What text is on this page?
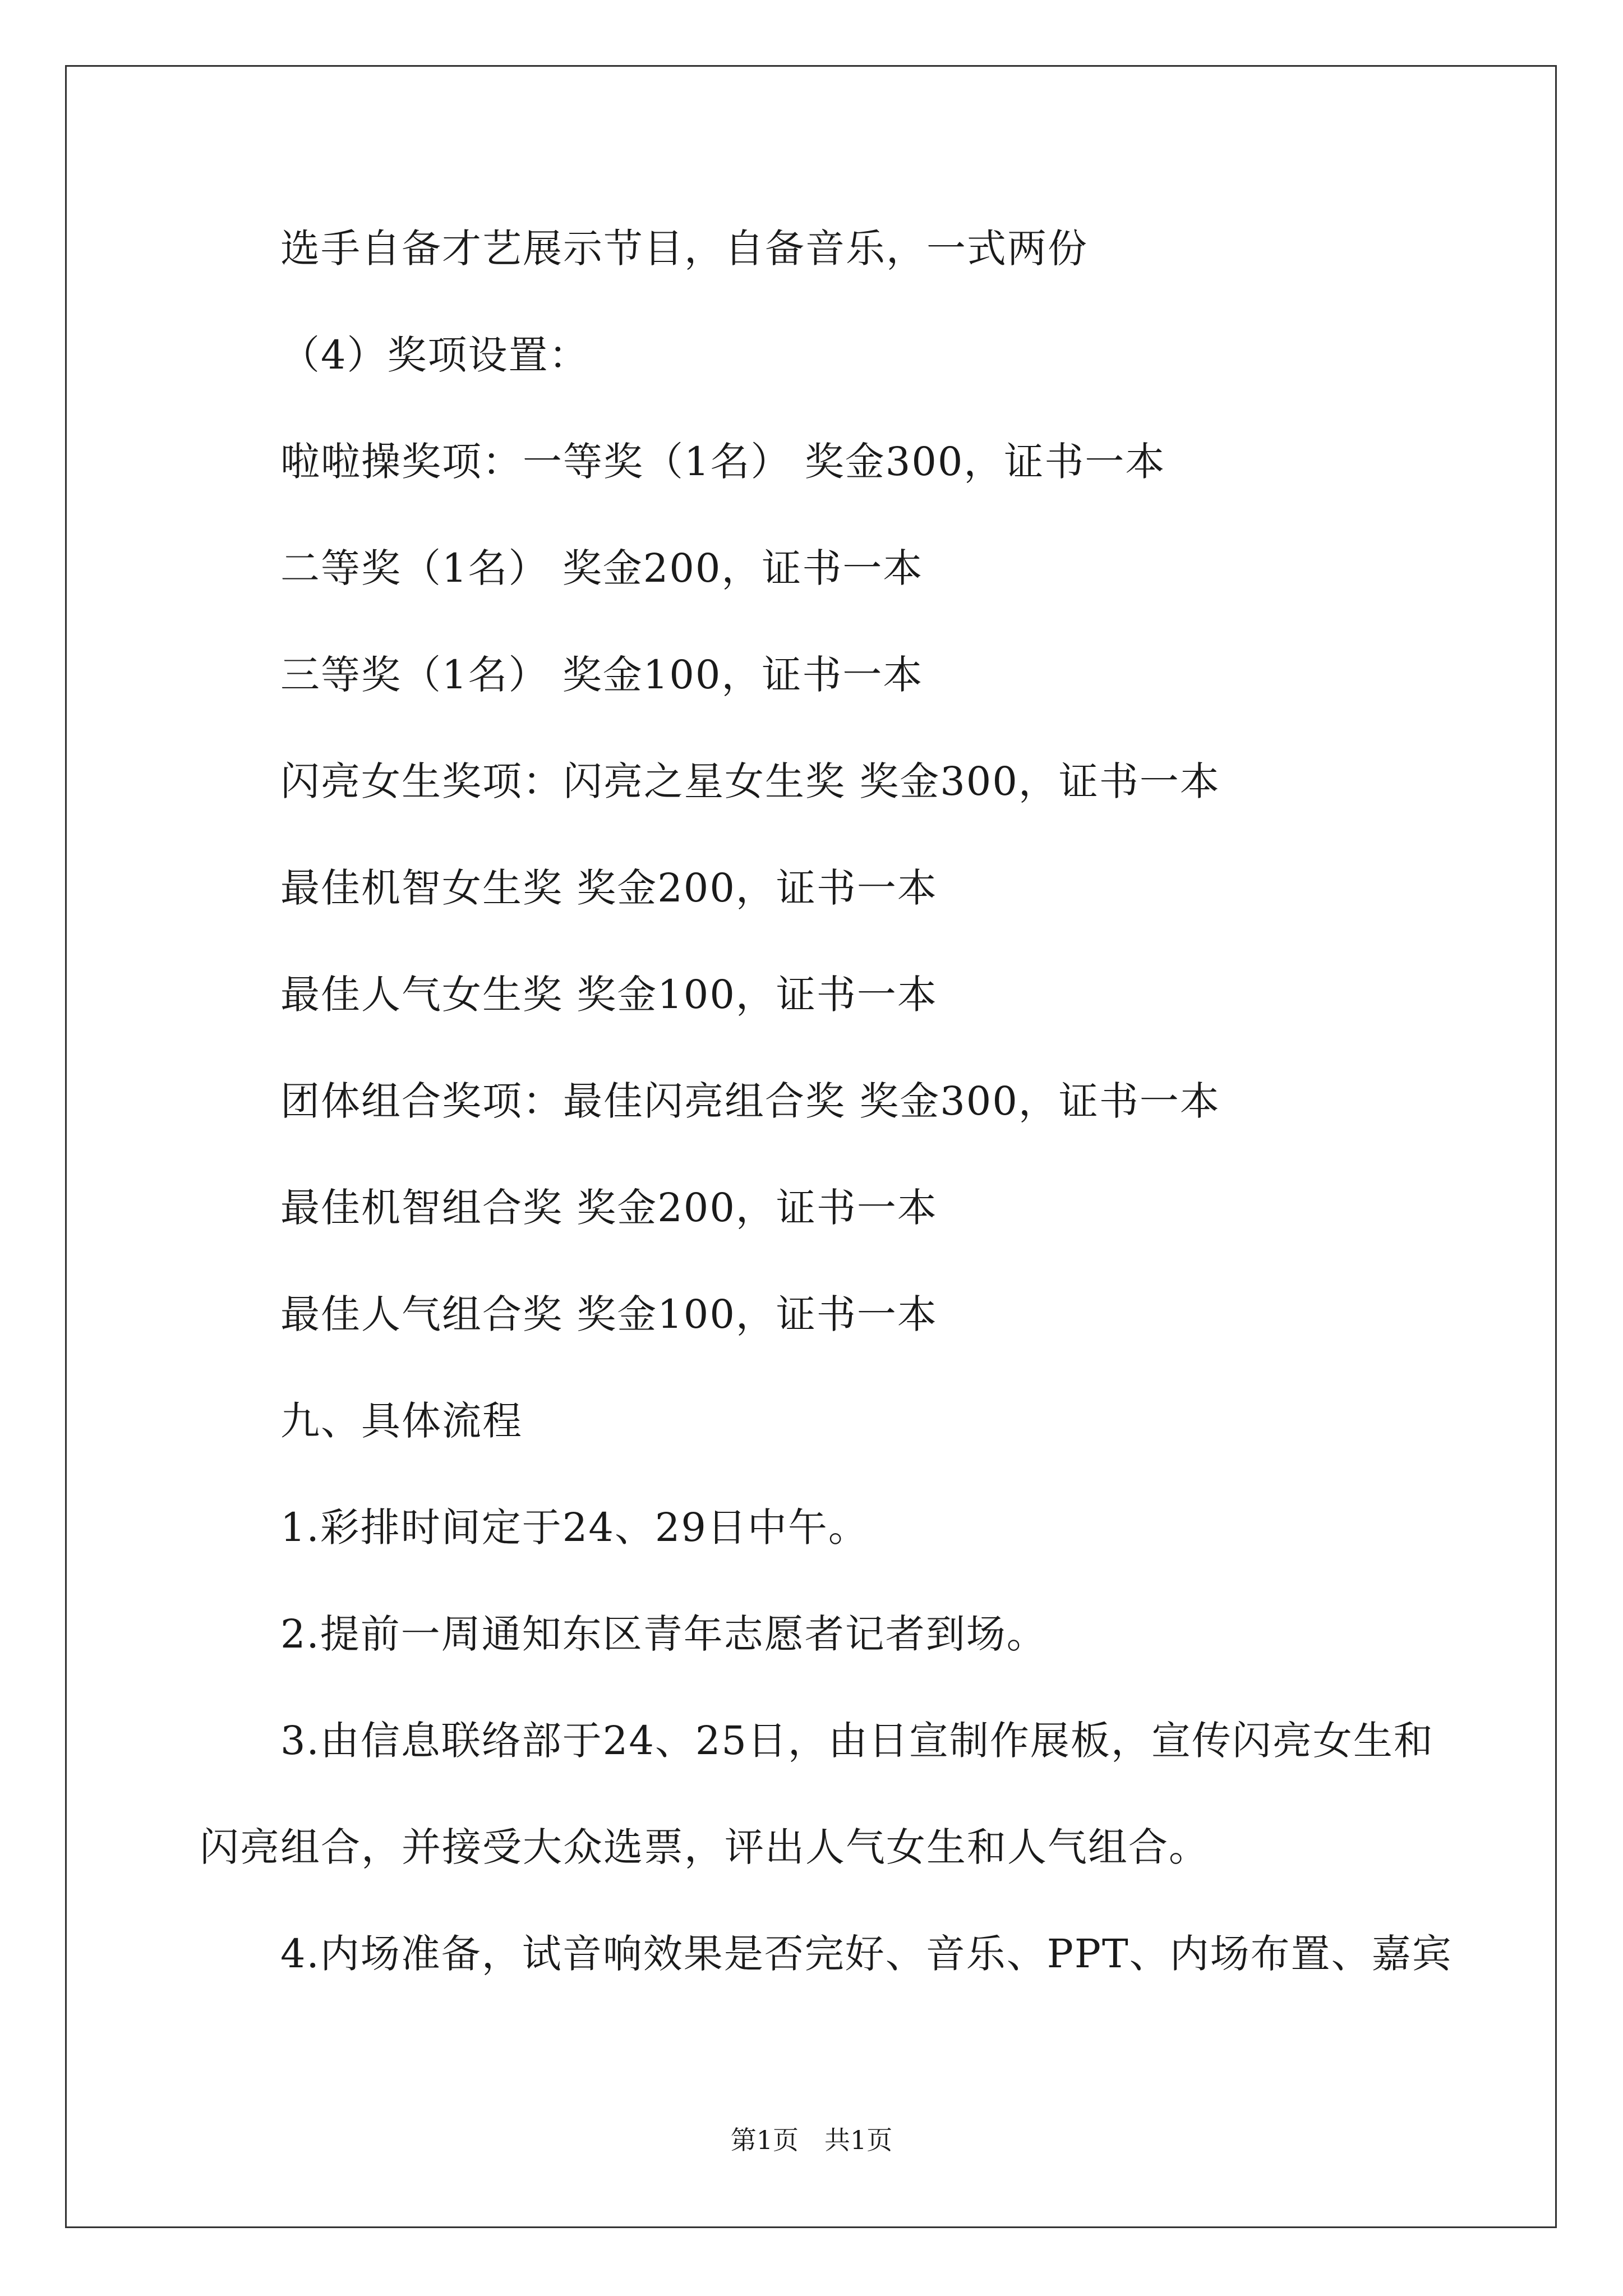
选手自备才艺展示节目，自备音乐，一式两份
（4）奖项设置：
啦啦操奖项：一等奖（1名） 奖金300，证书一本
二等奖（1名） 奖金200，证书一本
三等奖（1名） 奖金100，证书一本
闪亮女生奖项：闪亮之星女生奖 奖金300，证书一本
最佳机智女生奖 奖金200，证书一本
最佳人气女生奖 奖金100，证书一本
团体组合奖项：最佳闪亮组合奖 奖金300，证书一本
最佳机智组合奖 奖金200，证书一本
最佳人气组合奖 奖金100，证书一本
九、具体流程
1.彩排时间定于24、29日中午。
2.提前一周通知东区青年志愿者记者到场。
3.由信息联络部于24、25日，由日宣制作展板，宣传闪亮女生和
闪亮组合，并接受大众选票，评出人气女生和人气组合。
4.内场准备，试音响效果是否完好、音乐、PPT、内场布置、嘉宾
第1页　共1页
